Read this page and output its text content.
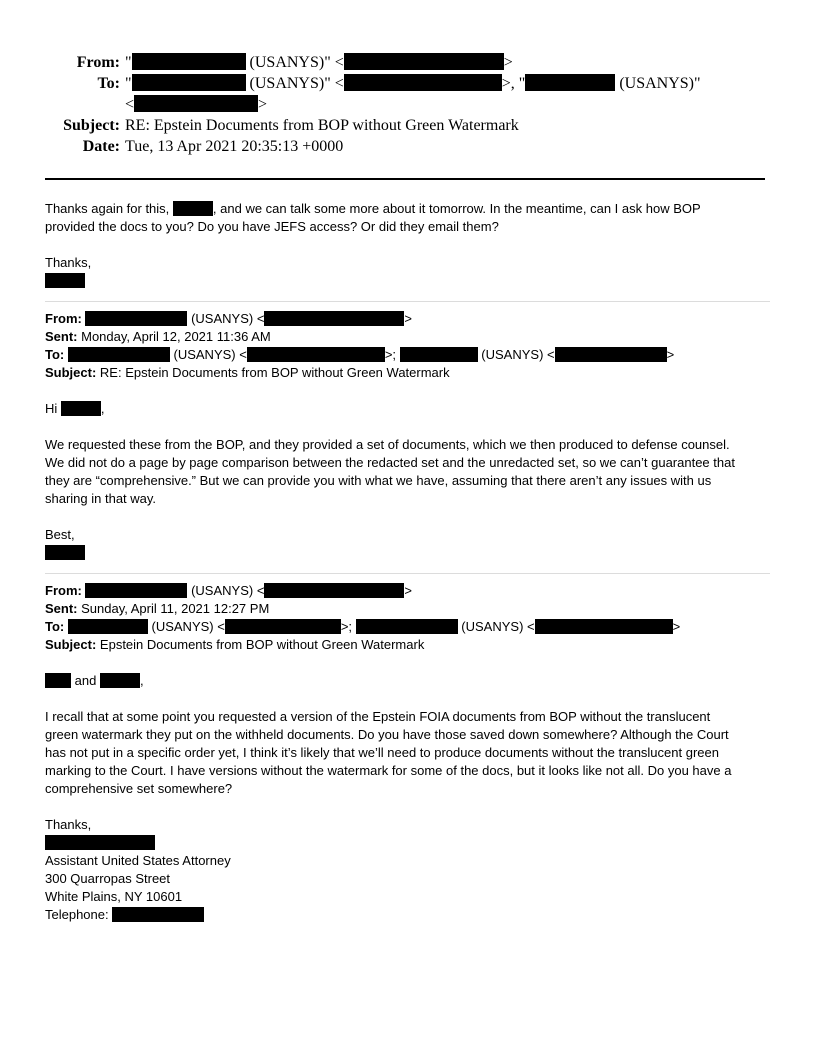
From: "	(USANYS)" <	>
To: "	(USANYS)" <	>, "	(USANYS)"
<	>
Subject: RE: Epstein Documents from BOP without Green Watermark
Date: Tue, 13 Apr 2021 20:35:13 +0000

Thanks again for this,	, and we can talk some more about it tomorrow. In the meantime, can I ask how BOP

provided the docs to you? Do you have JEFS access? Or did they email them?

Thanks,

From:	(USANYS) <	>

Sent: Monday, April 12, 2021 11:36 AM

To:	(USANYS) <	>;	(USANYS) <	>

Subject: RE: Epstein Documents from BOP without Green Watermark

Hi	,

We requested these from the BOP, and they provided a set of documents, which we then produced to defense counsel.

We did not do a page by page comparison between the redacted set and the unredacted set, so we can’t guarantee that

they are “comprehensive.” But we can provide you with what we have, assuming that there aren’t any issues with us

sharing in that way.

Best,

From:	(USANYS) <	>

Sent: Sunday, April 11, 2021 12:27 PM

To:	(USANYS) <	>;	(USANYS) <	>

Subject: Epstein Documents from BOP without Green Watermark

and	,

I recall that at some point you requested a version of the Epstein FOIA documents from BOP without the translucent

green watermark they put on the withheld documents. Do you have those saved down somewhere? Although the Court

has not put in a specific order yet, I think it’s likely that we’ll need to produce documents without the translucent green

marking to the Court. I have versions without the watermark for some of the docs, but it looks like not all. Do you have a

comprehensive set somewhere?

Thanks,

Assistant United States Attorney

300 Quarropas Street

White Plains, NY 10601

Telephone:
